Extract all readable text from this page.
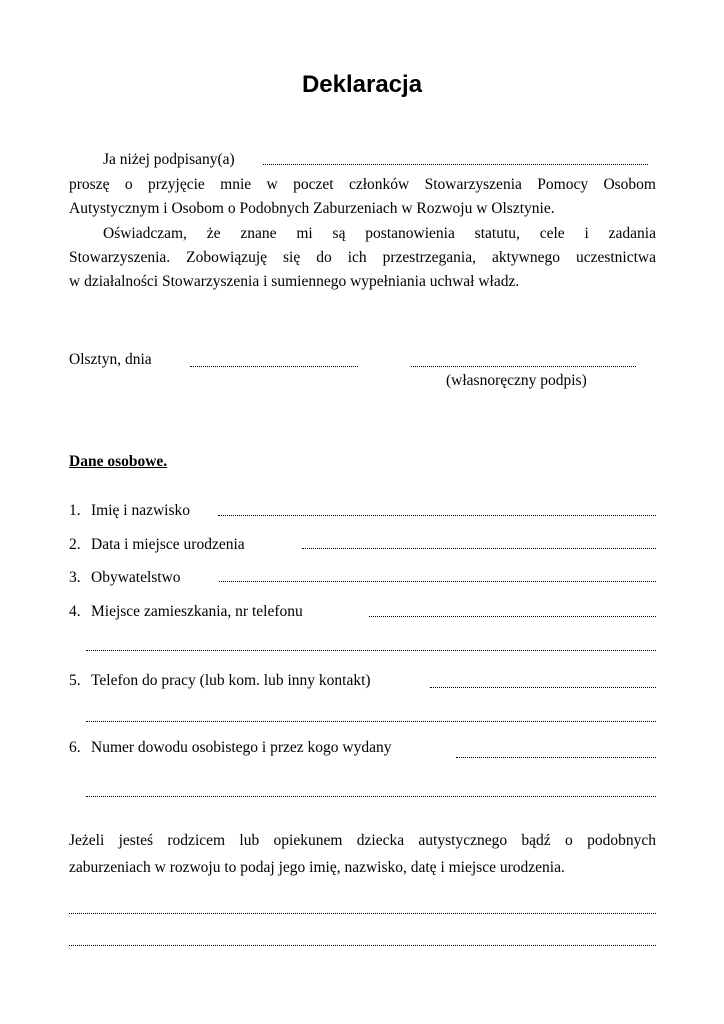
Deklaracja
Ja niżej podpisany(a)
proszę o przyjęcie mnie w poczet członków Stowarzyszenia Pomocy Osobom
Autystycznym i Osobom o Podobnych Zaburzeniach w Rozwoju w Olsztynie.
Oświadczam, że znane mi są postanowienia statutu, cele i zadania
Stowarzyszenia. Zobowiązuję się do ich przestrzegania, aktywnego uczestnictwa
w działalności Stowarzyszenia i sumiennego wypełniania uchwał władz.
Olsztyn, dnia
(własnoręczny podpis)
Dane osobowe.
1. Imię i nazwisko
2. Data i miejsce urodzenia
3. Obywatelstwo
4. Miejsce zamieszkania, nr telefonu
5. Telefon do pracy (lub kom. lub inny kontakt)
6. Numer dowodu osobistego i przez kogo wydany
Jeżeli jesteś rodzicem lub opiekunem dziecka autystycznego bądź o podobnych
zaburzeniach w rozwoju to podaj jego imię, nazwisko, datę i miejsce urodzenia.
